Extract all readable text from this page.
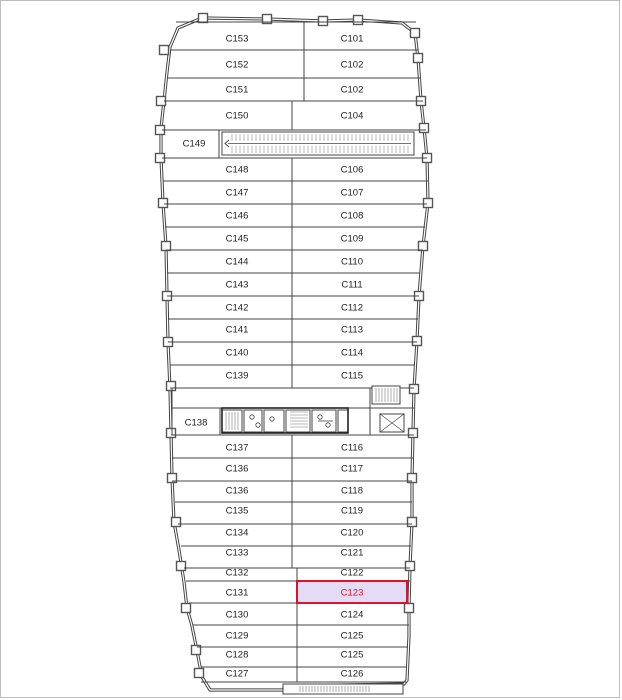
C153
C152
C151
C150
C149
C148
C147
C146
C145
C144
C143
C142
C141
C140
C139
C138
C137
C136
C136
C135
C134
C133
C132
C131
C130
C129
C128
C127
C101
C102
C102
C104
C106
C107
C108
C109
C110
C111
C112
C113
C114
C115
C116
C117
C118
C119
C120
C121
C122
C123
C124
C125
C125
C126
